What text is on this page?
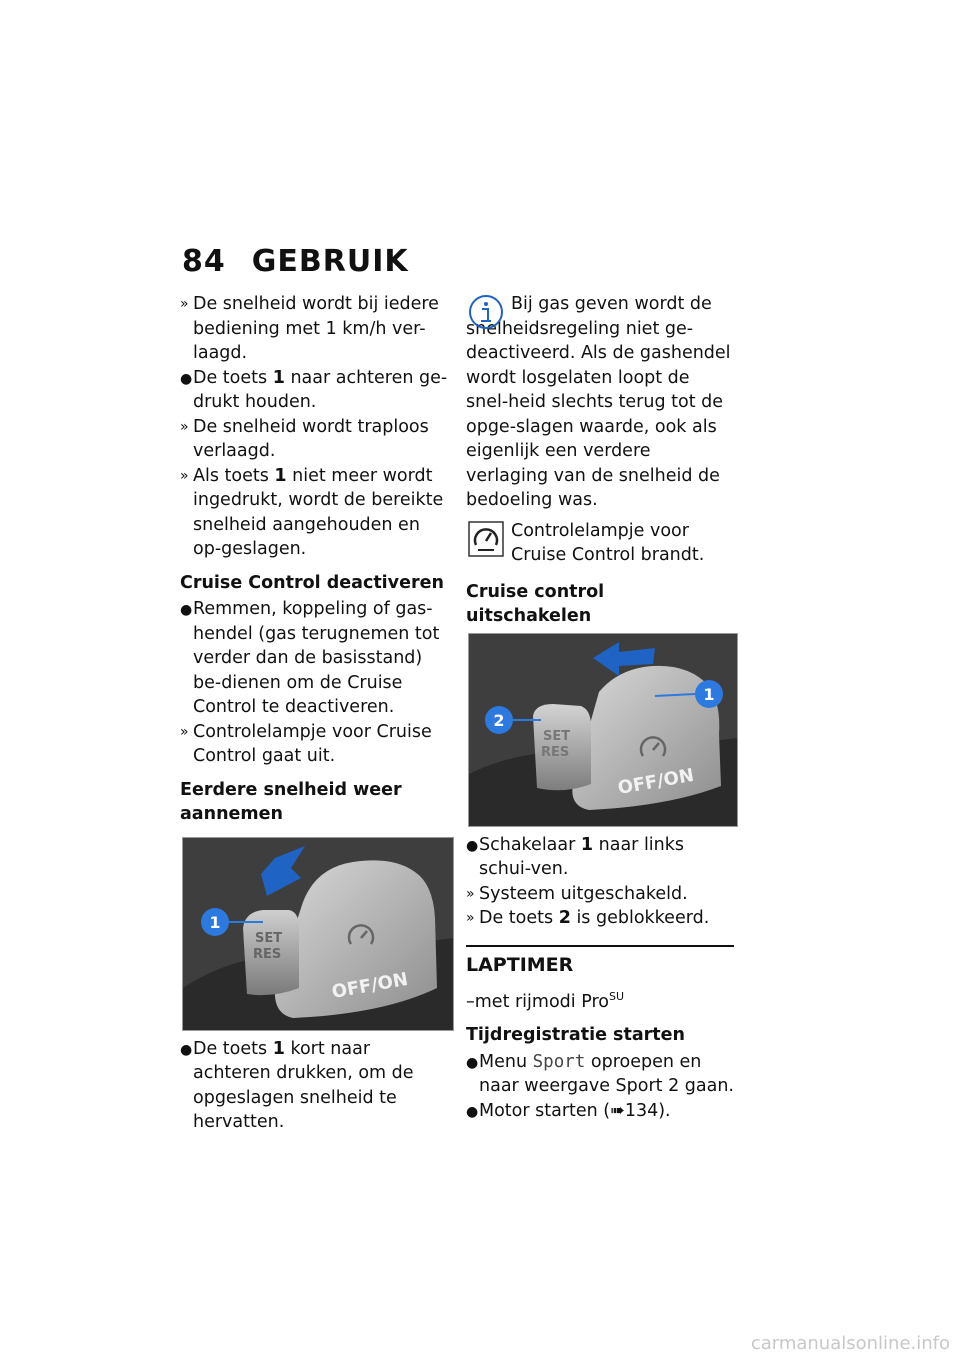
84 GEBRUIK
» De snelheid wordt bij iedere bediening met 1 km/h ver-laagd.
● De toets 1 naar achteren ge-drukt houden.
» De snelheid wordt traploos verlaagd.
» Als toets 1 niet meer wordt ingedrukt, wordt de bereikte snelheid aangehouden en op-geslagen.
Cruise Control deactiveren
● Remmen, koppeling of gas-hendel (gas terugnemen tot verder dan de basisstand) be-dienen om de Cruise Control te deactiveren.
» Controlelampje voor Cruise Control gaat uit.
Eerdere snelheid weer aannemen
SET
RES
OFF/ON
1
● De toets 1 kort naar achteren drukken, om de opgeslagen snelheid te hervatten.
Bij gas geven wordt de snelheidsregeling niet ge-deactiveerd. Als de gashendel wordt losgelaten loopt de snel-heid slechts terug tot de opge-slagen waarde, ook als eigenlijk een verdere verlaging van de snelheid de bedoeling was.
Controlelampje voor Cruise Control brandt.
Cruise control uitschakelen
SET
RES
OFF/ON
1
2
● Schakelaar 1 naar links schui-ven.
» Systeem uitgeschakeld.
» De toets 2 is geblokkeerd.
LAPTIMER
–met rijmodi Pro$^{SU}$
Tijdregistratie starten
● Menu Sport oproepen en naar weergave Sport 2 gaan.
● Motor starten (➠134).
carmanualsonline.info
